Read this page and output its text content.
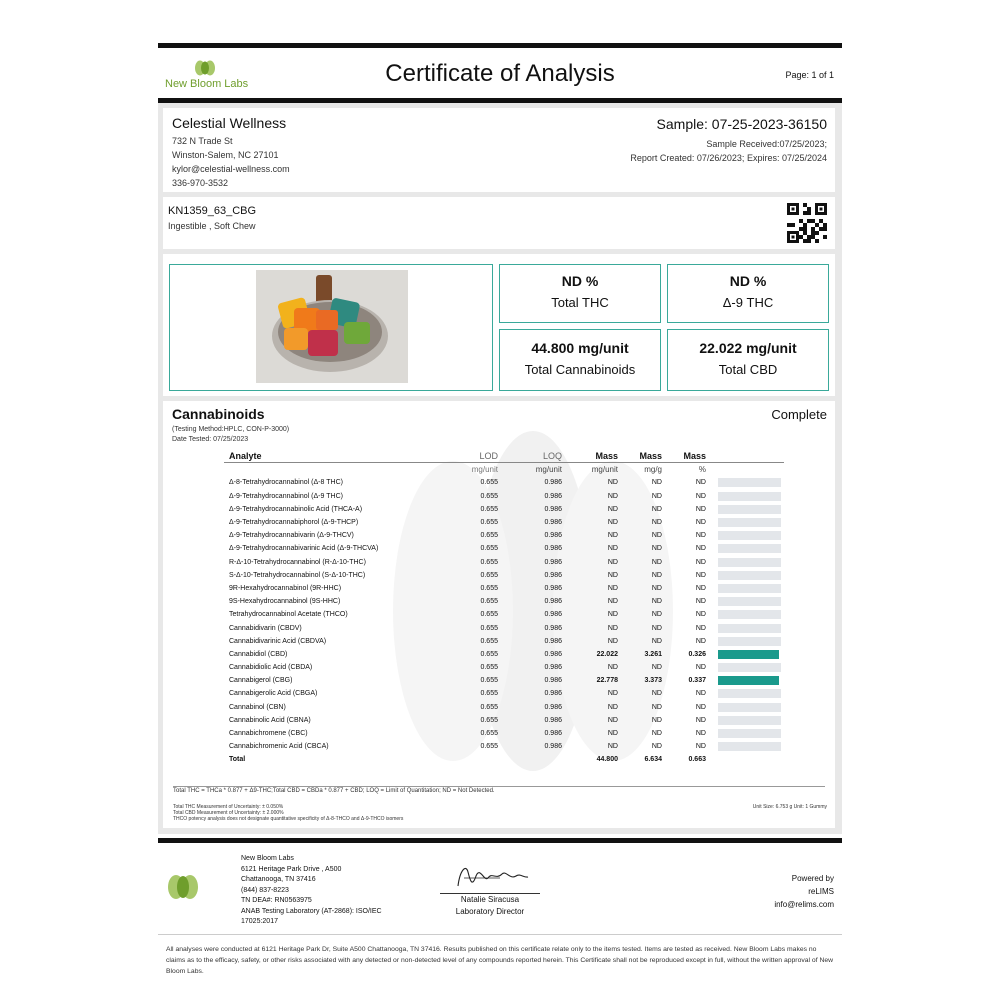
New Bloom Labs	Certificate of Analysis	Page: 1 of 1
Celestial Wellness
732 N Trade St
Winston-Salem, NC 27101
kylor@celestial-wellness.com
336-970-3532
Sample: 07-25-2023-36150
Sample Received:07/25/2023;
Report Created: 07/26/2023; Expires: 07/25/2024
KN1359_63_CBG
Ingestible , Soft Chew
ND %
Total THC
ND %
Δ-9 THC
44.800 mg/unit
Total Cannabinoids
22.022 mg/unit
Total CBD
Cannabinoids	Complete
(Testing Method:HPLC, CON-P-3000)
Date Tested: 07/25/2023
Analyte	LOD	LOQ	Mass	Mass	Mass	
	mg/unit	mg/unit	mg/unit	mg/g	%	
Δ-8-Tetrahydrocannabinol (Δ-8 THC)	0.655	0.986	ND	ND	ND	

Δ-9-Tetrahydrocannabinol (Δ-9 THC)	0.655	0.986	ND	ND	ND	

Δ-9-Tetrahydrocannabinolic Acid (THCA-A)	0.655	0.986	ND	ND	ND	

Δ-9-Tetrahydrocannabiphorol (Δ-9-THCP)	0.655	0.986	ND	ND	ND	

Δ-9-Tetrahydrocannabivarin (Δ-9-THCV)	0.655	0.986	ND	ND	ND	

Δ-9-Tetrahydrocannabivarinic Acid (Δ-9-THCVA)	0.655	0.986	ND	ND	ND	

R-Δ-10-Tetrahydrocannabinol (R-Δ-10-THC)	0.655	0.986	ND	ND	ND	

S-Δ-10-Tetrahydrocannabinol (S-Δ-10-THC)	0.655	0.986	ND	ND	ND	

9R-Hexahydrocannabinol (9R-HHC)	0.655	0.986	ND	ND	ND	

9S-Hexahydrocannabinol (9S-HHC)	0.655	0.986	ND	ND	ND	

Tetrahydrocannabinol Acetate (THCO)	0.655	0.986	ND	ND	ND	

Cannabidivarin (CBDV)	0.655	0.986	ND	ND	ND	

Cannabidivarinic Acid (CBDVA)	0.655	0.986	ND	ND	ND	

Cannabidiol (CBD)	0.655	0.986	22.022	3.261	0.326	

Cannabidiolic Acid (CBDA)	0.655	0.986	ND	ND	ND	

Cannabigerol (CBG)	0.655	0.986	22.778	3.373	0.337	

Cannabigerolic Acid (CBGA)	0.655	0.986	ND	ND	ND	

Cannabinol (CBN)	0.655	0.986	ND	ND	ND	

Cannabinolic Acid (CBNA)	0.655	0.986	ND	ND	ND	

Cannabichromene (CBC)	0.655	0.986	ND	ND	ND	

Cannabichromenic Acid (CBCA)	0.655	0.986	ND	ND	ND	

Total			44.800	6.634	0.663	
Total THC = THCa * 0.877 + Δ9-THC;Total CBD = CBDa * 0.877 + CBD; LOQ = Limit of Quantitation; ND = Not Detected.
Total THC Measurement of Uncertainty: ± 0.050%
Total CBD Measurement of Uncertainty: ± 2.000%
THCO potency analysis does not designate quantitative specificity of Δ-8-THCO and Δ-9-THCO isomers
Unit Size: 6.753 g Unit: 1 Gummy
New Bloom Labs
6121 Heritage Park Drive , A500
Chattanooga, TN 37416
(844) 837-8223
TN DEA#: RN0563975
ANAB Testing Laboratory (AT-2868): ISO/IEC
17025:2017
Natalie Siracusa
Laboratory Director
Powered by
reLIMS
info@relims.com
All analyses were conducted at 6121 Heritage Park Dr, Suite A500 Chattanooga, TN 37416. Results published on this certificate relate only to the items tested. Items are tested as received. New Bloom Labs makes no claims as to the efficacy, safety, or other risks associated with any detected or non-detected level of any compounds reported herein. This Certificate shall not be reproduced except in full, without the written approval of New Bloom Labs.
